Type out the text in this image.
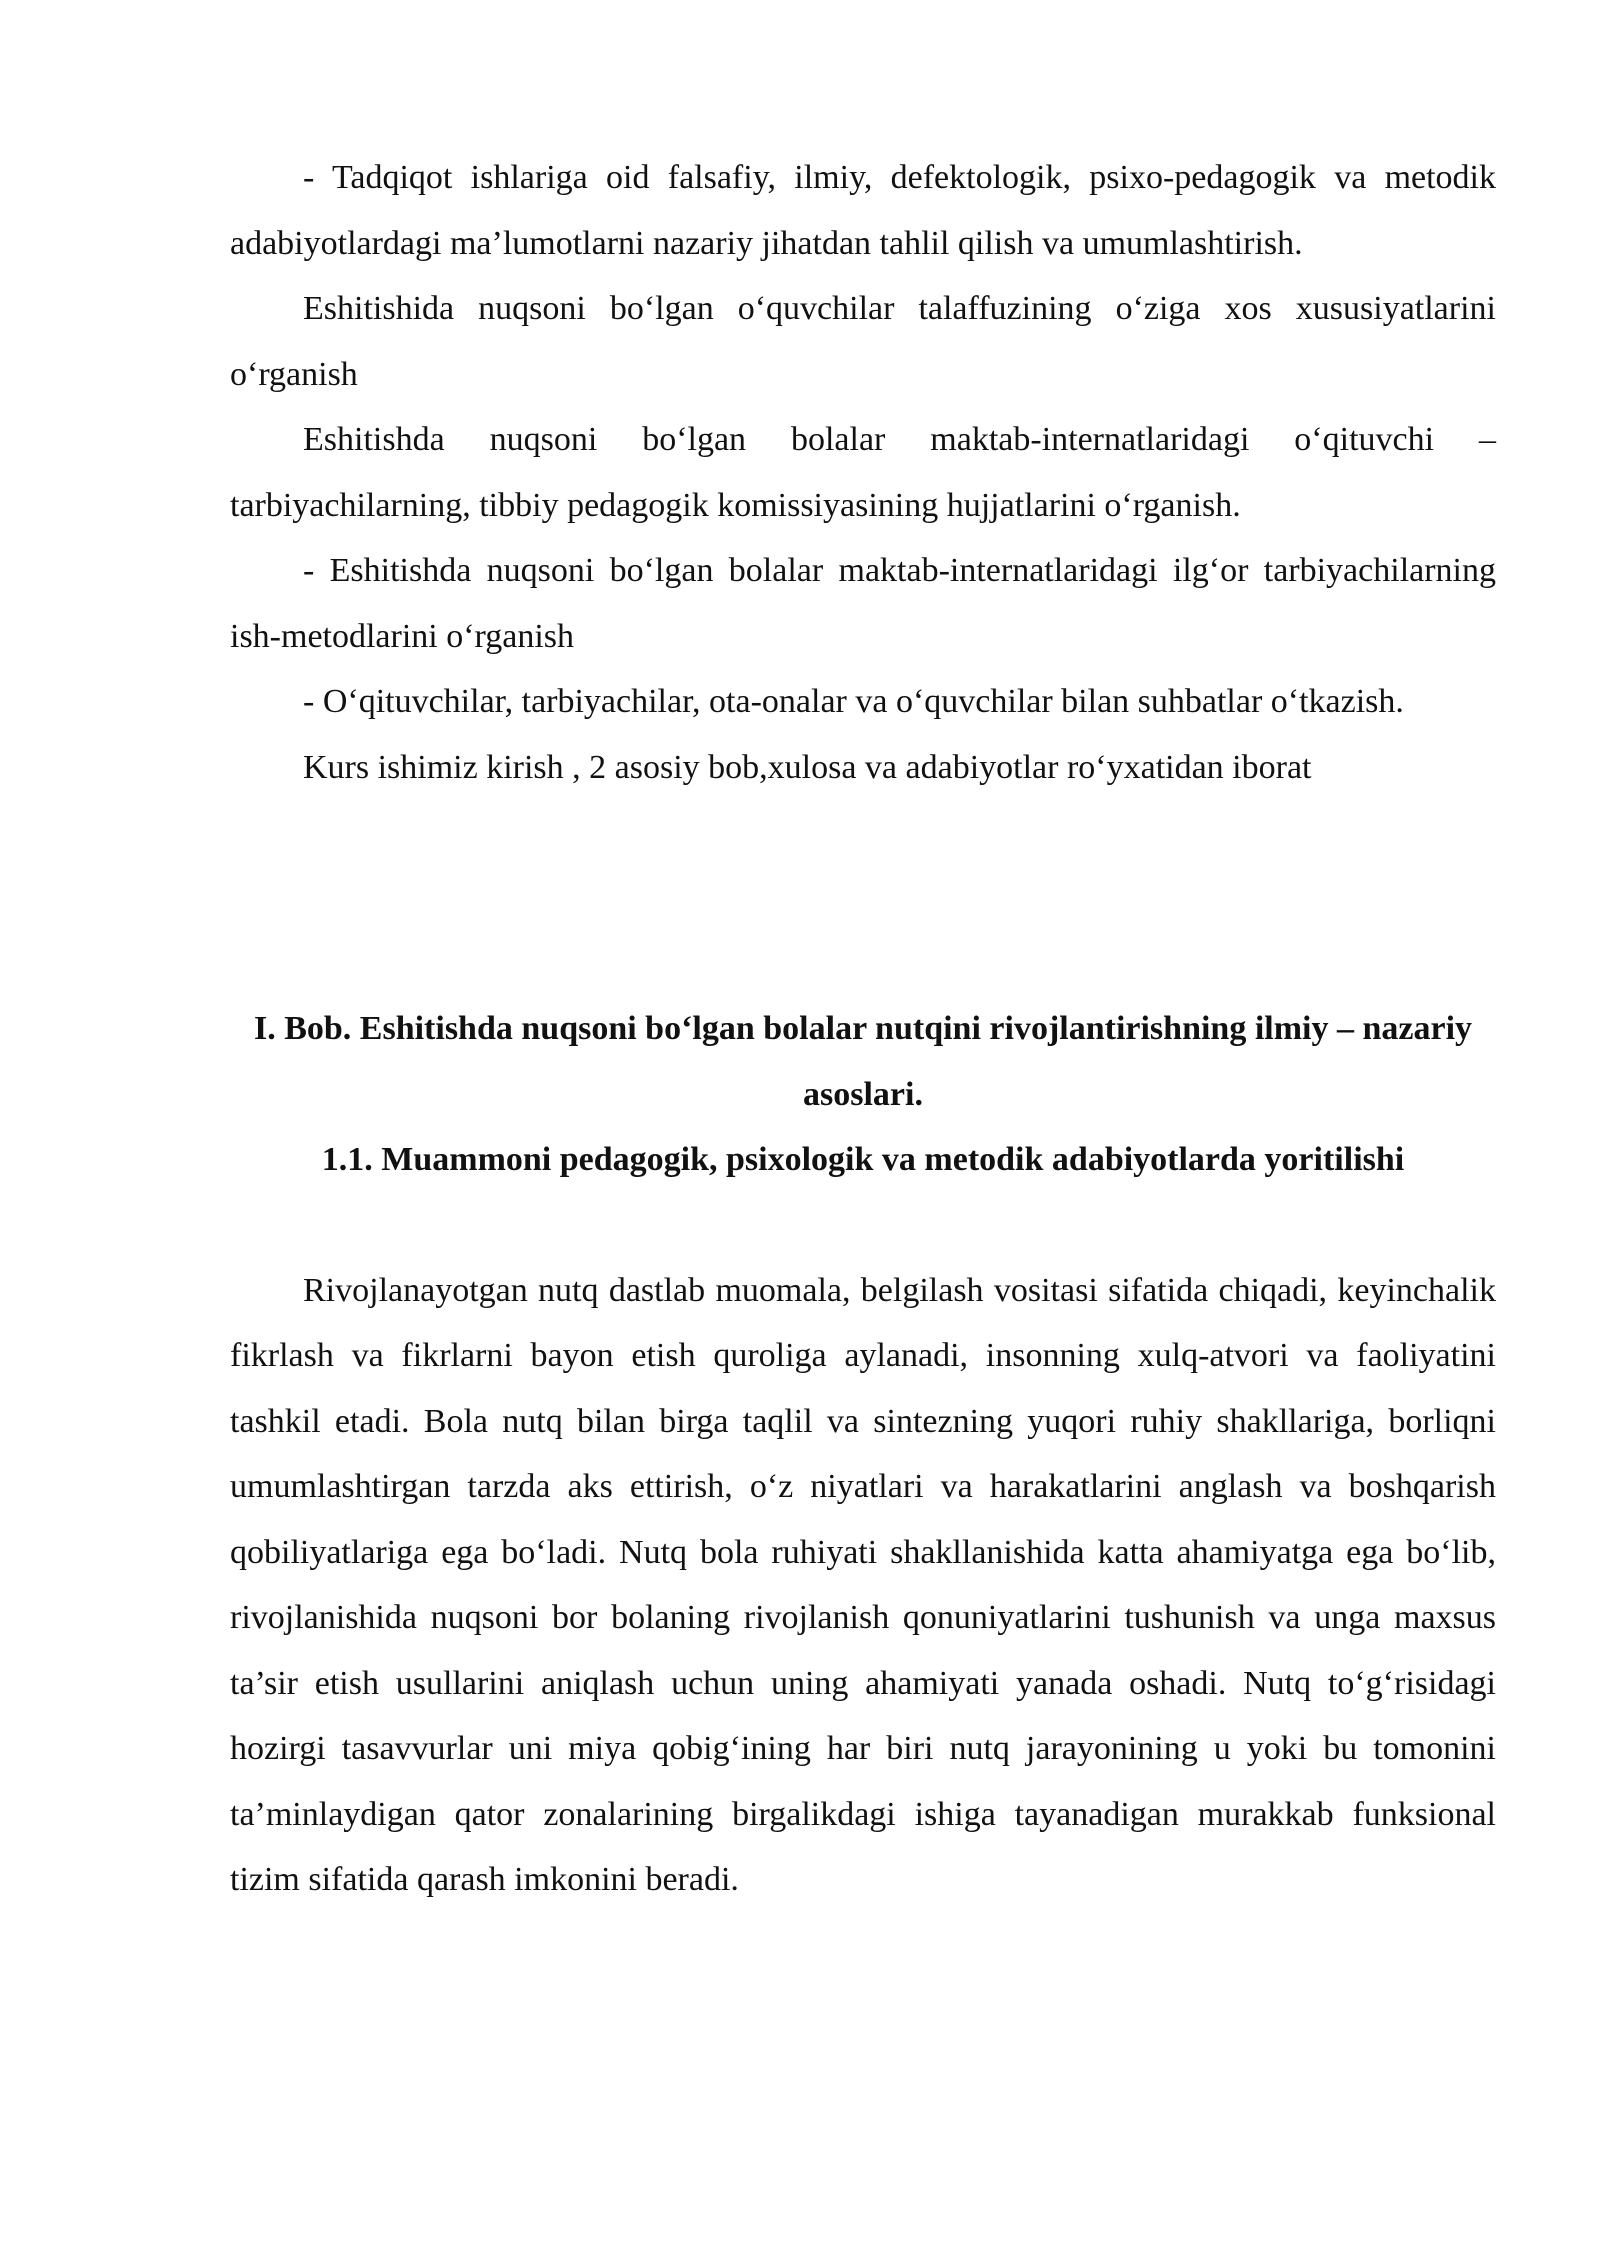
- Tadqiqot ishlariga oid falsafiy, ilmiy, defektologik, psixo-pedagogik va metodik adabiyotlardagi ma’lumotlarni nazariy jihatdan tahlil qilish va umumlashtirish.

Eshitishida nuqsoni bo‘lgan o‘quvchilar talaffuzining o‘ziga xos xususiyatlarini o‘rganish

Eshitishda nuqsoni bo‘lgan bolalar maktab-internatlaridagi o‘qituvchi – tarbiyachilarning, tibbiy pedagogik komissiyasining hujjatlarini o‘rganish.

- Eshitishda nuqsoni bo‘lgan bolalar maktab-internatlaridagi ilg‘or tarbiyachilarning ish-metodlarini o‘rganish

- O‘qituvchilar, tarbiyachilar, ota-onalar va o‘quvchilar bilan suhbatlar o‘tkazish.

Kurs ishimiz kirish , 2 asosiy bob,xulosa va adabiyotlar ro‘yxatidan iborat

I. Bob. Eshitishda nuqsoni bo‘lgan bolalar nutqini rivojlantirishning ilmiy – nazariy asoslari.
1.1. Muammoni pedagogik, psixologik va metodik adabiyotlarda yoritilishi

Rivojlanayotgan nutq dastlab muomala, belgilash vositasi sifatida chiqadi, keyinchalik fikrlash va fikrlarni bayon etish quroliga aylanadi, insonning xulq-atvori va faoliyatini tashkil etadi. Bola nutq bilan birga taqlil va sintezning yuqori ruhiy shakllariga, borliqni umumlashtirgan tarzda aks ettirish, o‘z niyatlari va harakatlarini anglash va boshqarish qobiliyatlariga ega bo‘ladi. Nutq bola ruhiyati shakllanishida katta ahamiyatga ega bo‘lib, rivojlanishida nuqsoni bor bolaning rivojlanish qonuniyatlarini tushunish va unga maxsus ta’sir etish usullarini aniqlash uchun uning ahamiyati yanada oshadi. Nutq to‘g‘risidagi hozirgi tasavvurlar uni miya qobig‘ining har biri nutq jarayonining u yoki bu tomonini ta’minlaydigan qator zonalarining birgalikdagi ishiga tayanadigan murakkab funksional tizim sifatida qarash imkonini beradi.
